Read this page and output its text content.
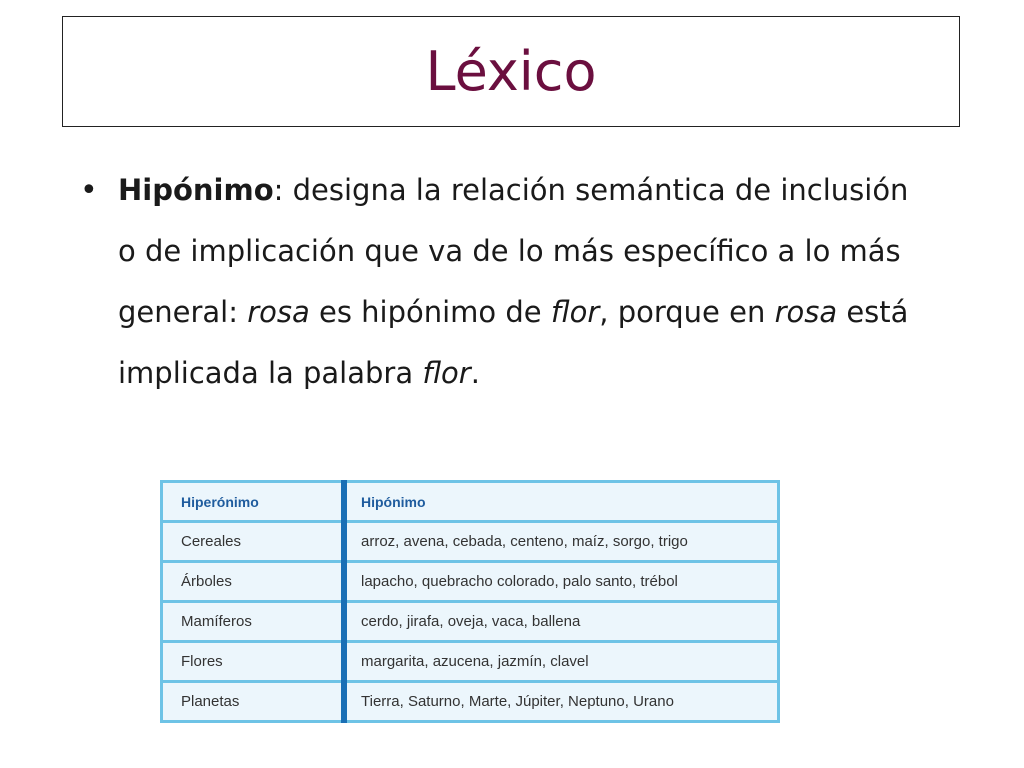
Léxico
• Hipónimo: designa la relación semántica de inclusión o de implicación que va de lo más específico a lo más general: rosa es hipónimo de flor, porque en rosa está implicada la palabra flor.
Hiperónimo	Hipónimo
Cereales	arroz, avena, cebada, centeno, maíz, sorgo, trigo
Árboles	lapacho, quebracho colorado, palo santo, trébol
Mamíferos	cerdo, jirafa, oveja, vaca, ballena
Flores	margarita, azucena, jazmín, clavel
Planetas	Tierra, Saturno, Marte, Júpiter, Neptuno, Urano
